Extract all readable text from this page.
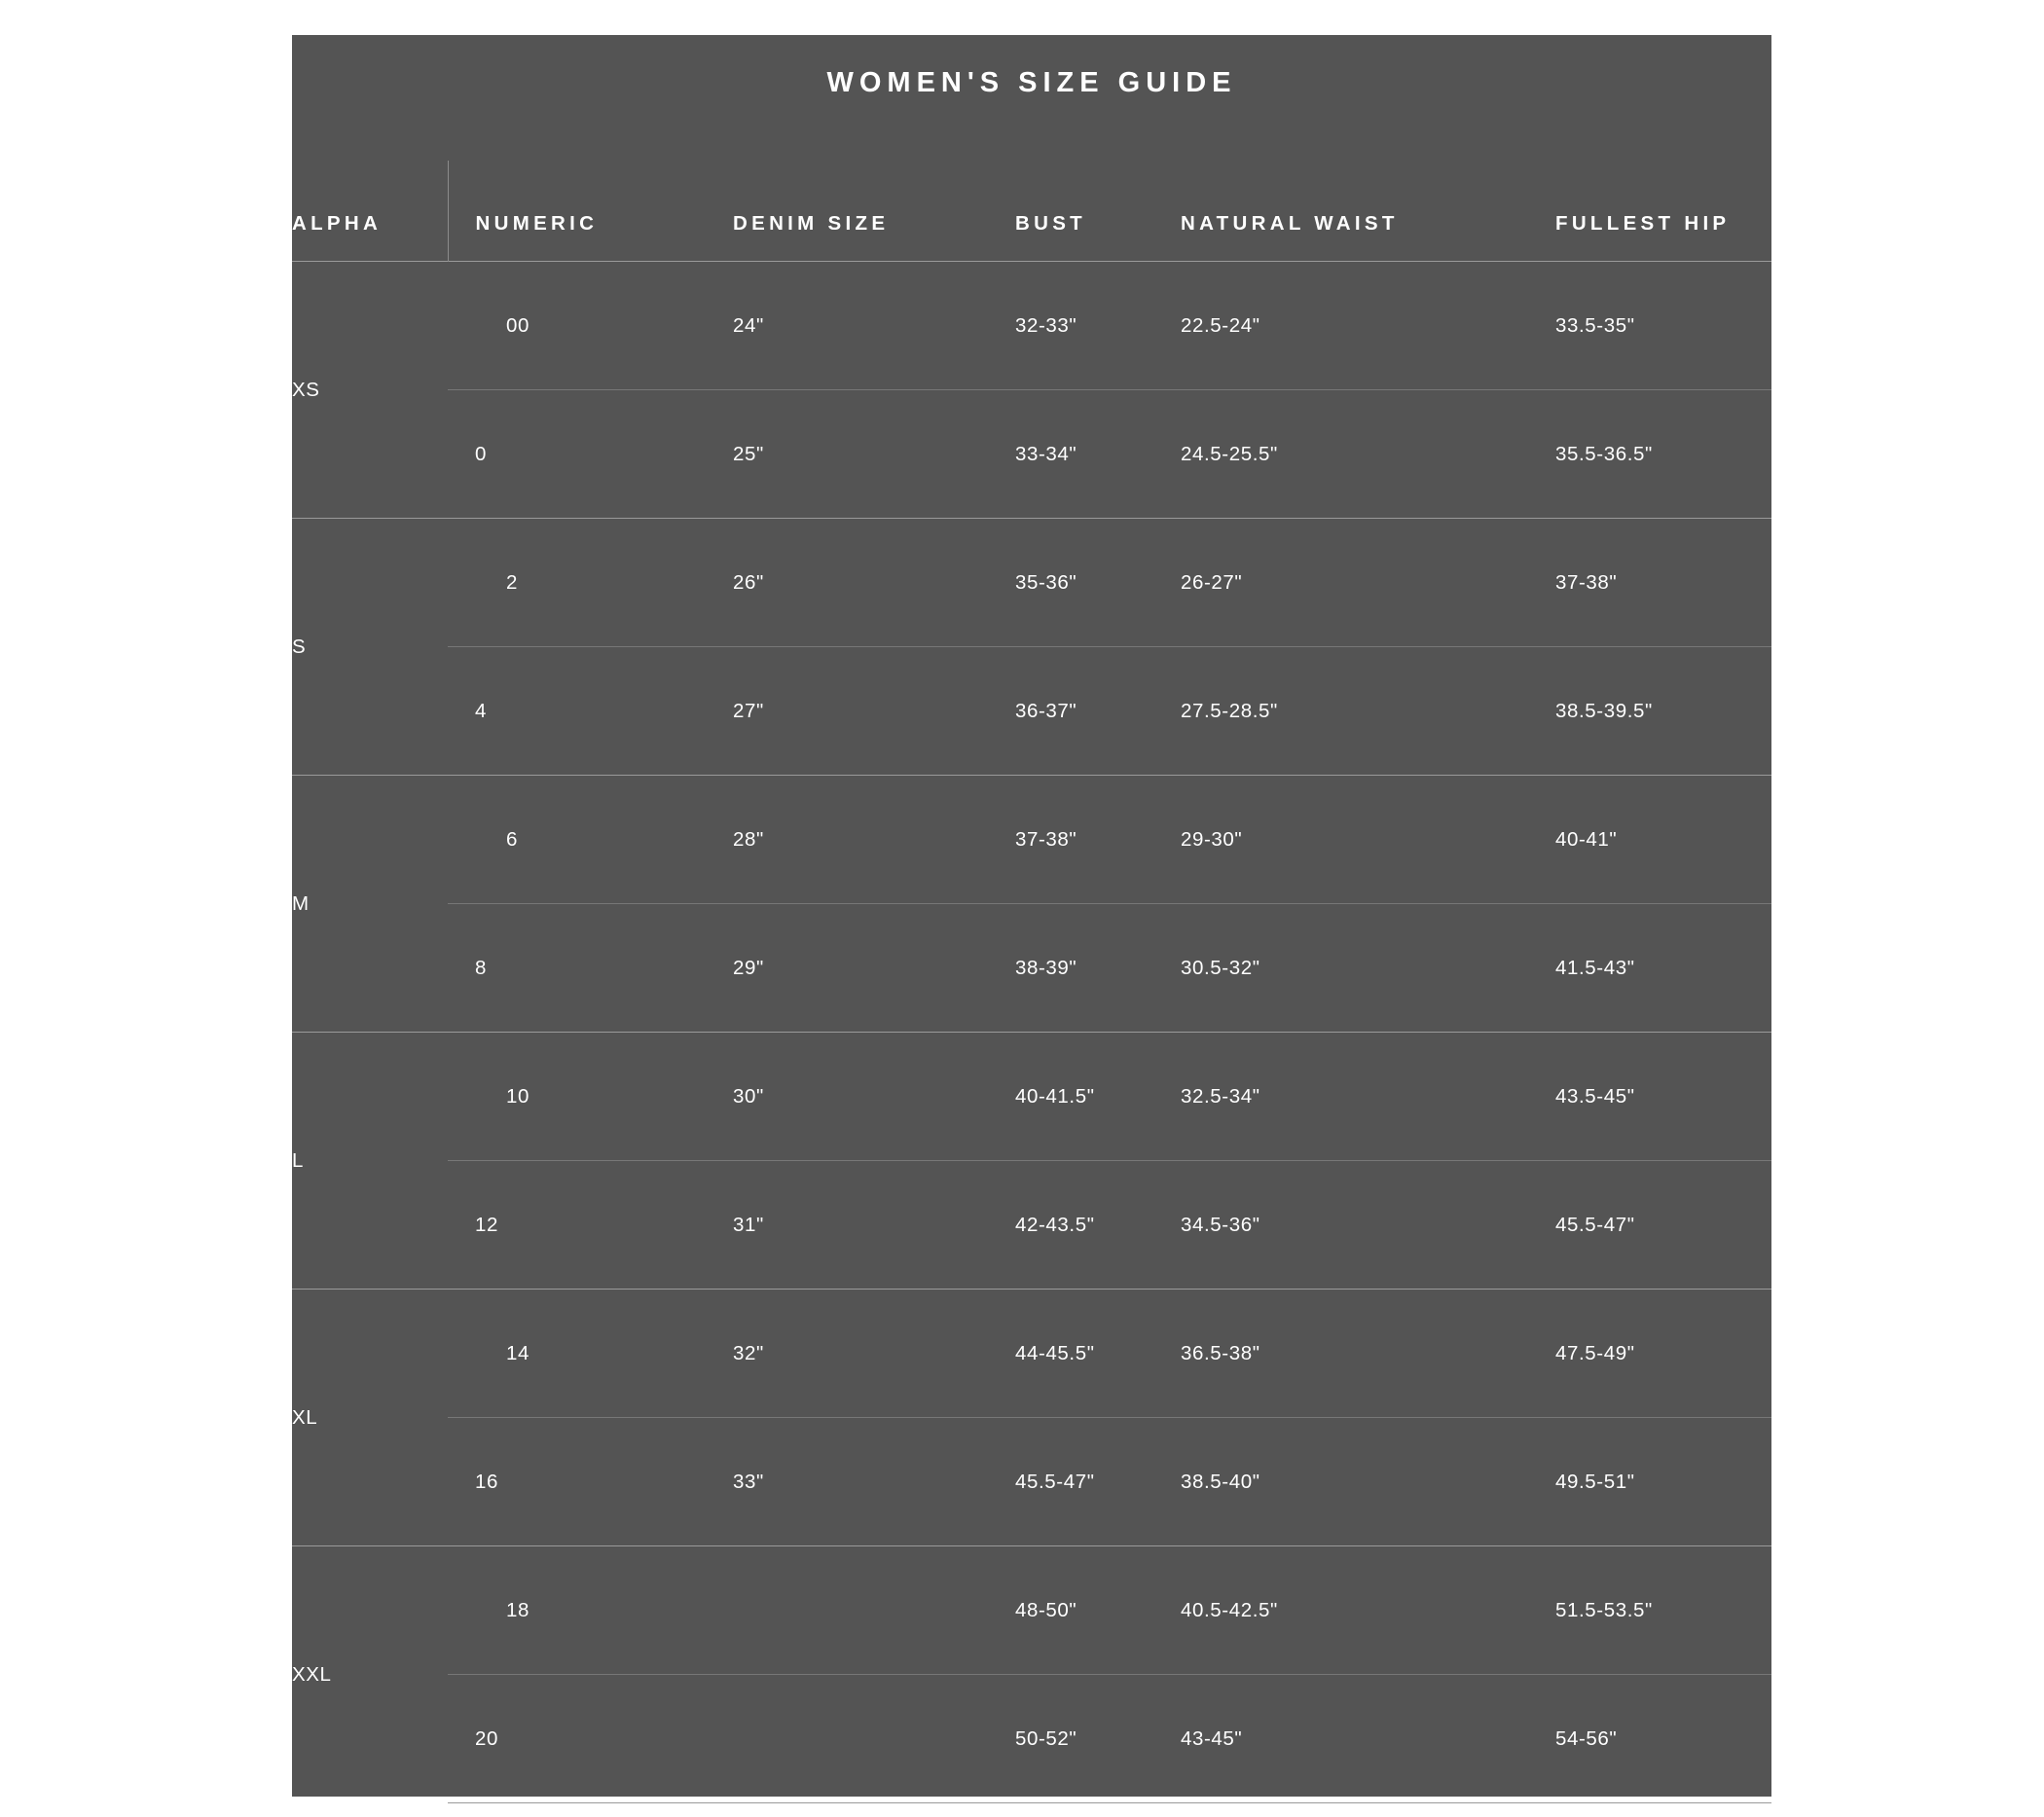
WOMEN'S SIZE GUIDE
ALPHA	NUMERIC	DENIM SIZE	BUST	NATURAL WAIST	FULLEST HIP
XS	00	24"	32-33"	22.5-24"	33.5-35"
	0	25"	33-34"	24.5-25.5"	35.5-36.5"
S	2	26"	35-36"	26-27"	37-38"
	4	27"	36-37"	27.5-28.5"	38.5-39.5"
M	6	28"	37-38"	29-30"	40-41"
	8	29"	38-39"	30.5-32"	41.5-43"
L	10	30"	40-41.5"	32.5-34"	43.5-45"
	12	31"	42-43.5"	34.5-36"	45.5-47"
XL	14	32"	44-45.5"	36.5-38"	47.5-49"
	16	33"	45.5-47"	38.5-40"	49.5-51"
XXL	18		48-50"	40.5-42.5"	51.5-53.5"
	20		50-52"	43-45"	54-56"
